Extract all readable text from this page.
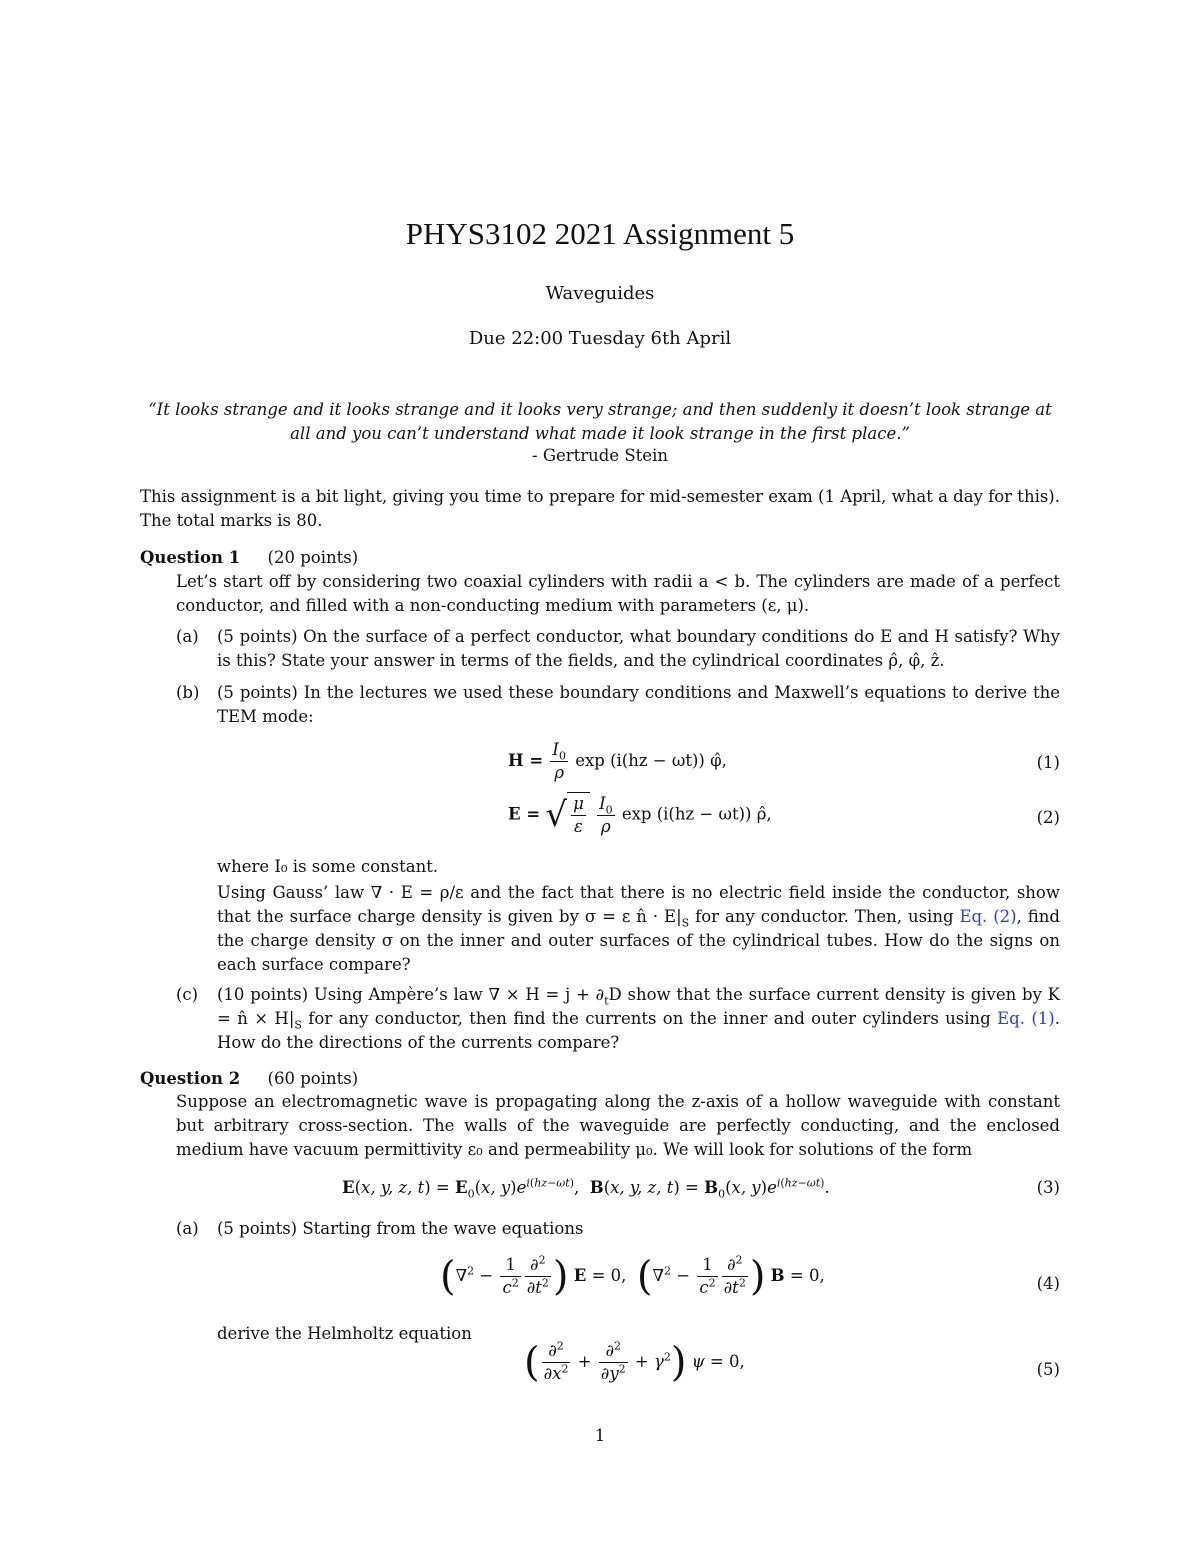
PHYS3102 2021 Assignment 5
Waveguides
Due 22:00 Tuesday 6th April
“It looks strange and it looks strange and it looks very strange; and then suddenly it doesn’t look strange at all and you can’t understand what made it look strange in the first place.”
- Gertrude Stein
This assignment is a bit light, giving you time to prepare for mid-semester exam (1 April, what a day for this). The total marks is 80.
Question 1 (20 points)
Let’s start off by considering two coaxial cylinders with radii a < b. The cylinders are made of a perfect conductor, and filled with a non-conducting medium with parameters (ε, μ).
(a)	(5 points) On the surface of a perfect conductor, what boundary conditions do E and H satisfy? Why is this? State your answer in terms of the fields, and the cylindrical coordinates ρ̂, φ̂, ẑ.
(b)	(5 points) In the lectures we used these boundary conditions and Maxwell’s equations to derive the TEM mode:
$H = \frac{I_0}{\rho}$ exp (i(hz − ωt)) φ̂,	(1)
E = √ $\frac{\mu}{\varepsilon}$
$\frac{I_0}{\rho}$ exp (i(hz − ωt)) ρ̂,	(2)
where I₀ is some constant.
Using Gauss’ law ∇ · E = ρ/ε and the fact that there is no electric field inside the conductor, show that the surface charge density is given by σ = ε n̂ · $E|_S$ for any conductor. Then, using Eq. (2), find the charge density σ on the inner and outer surfaces of the cylindrical tubes. How do the signs on each surface compare?
(c)	(10 points) Using Ampère’s law ∇ × $H = j + \partial_tD$ show that the surface current density is given by K = n̂ × $H|_S$ for any conductor, then find the currents on the inner and outer cylinders using Eq. (1). How do the directions of the currents compare?
Question 2 (60 points)
Suppose an electromagnetic wave is propagating along the z-axis of a hollow waveguide with constant but arbitrary cross-section. The walls of the waveguide are perfectly conducting, and the enclosed medium have vacuum permittivity ε₀ and permeability μ₀. We will look for solutions of the form
E(x, y, z, $t) = E_0(x$, $y)e^{i(hz-\omega t)}$,  B(x, y, z, $t) = B_0(x$, $y)e^{i(hz-\omega t)}$.	(3)
(a)	(5 points) Starting from the wave equations
($\nabla^2 - \frac{1}{c^2} \frac{\partial^2}{\partial t^2}$ ) E = 0,  ($\nabla^2 - \frac{1}{c^2} \frac{\partial^2}{\partial t^2}$ ) B = 0,	(4)
derive the Helmholtz equation
( $\frac{\partial^2}{\partial x^2} + \frac{\partial^2}{\partial y^2} + \gamma^2$) ψ = 0,	(5)
1
